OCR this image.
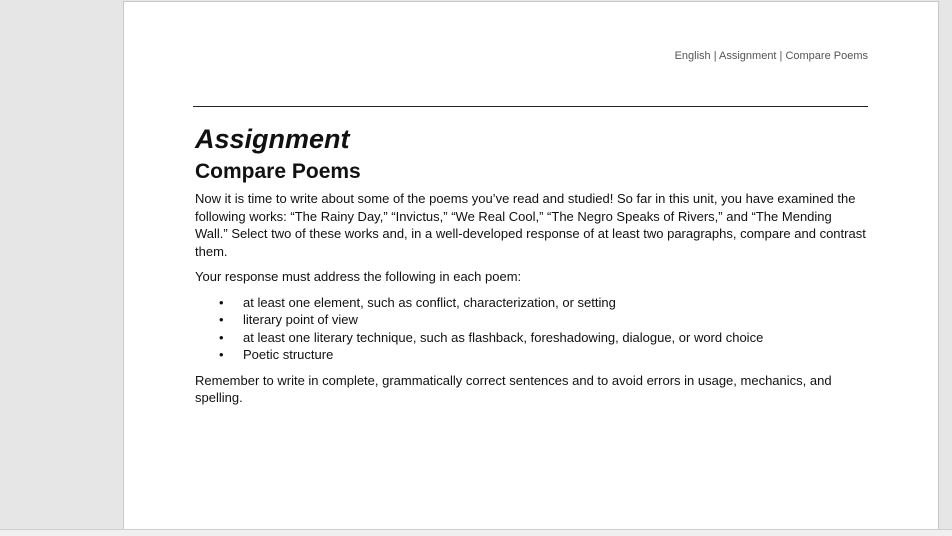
English | Assignment | Compare Poems
Assignment
Compare Poems

Now it is time to write about some of the poems you’ve read and studied! So far in this unit, you have examined the following works: “The Rainy Day,” “Invictus,” “We Real Cool,” “The Negro Speaks of Rivers,” and “The Mending Wall.” Select two of these works and, in a well-developed response of at least two paragraphs, compare and contrast them.

Your response must address the following in each poem:

• at least one element, such as conflict, characterization, or setting
• literary point of view
• at least one literary technique, such as flashback, foreshadowing, dialogue, or word choice
• Poetic structure

Remember to write in complete, grammatically correct sentences and to avoid errors in usage, mechanics, and spelling.
